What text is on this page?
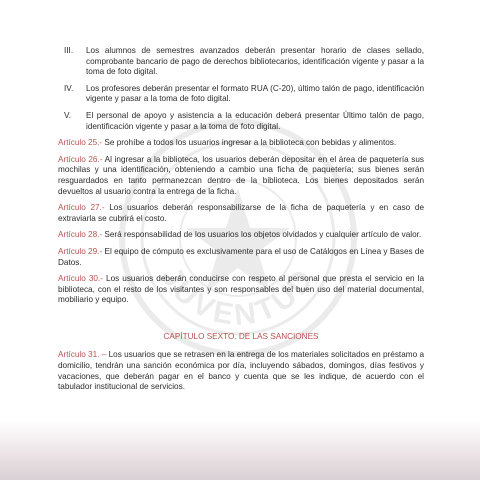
JUVENTUD
III.	Los alumnos de semestres avanzados deberán presentar horario de clases sellado, comprobante bancario de pago de derechos bibliotecarios, identificación vigente y pasar a la toma de foto digital.
IV.	Los profesores deberán presentar el formato RUA (C-20), último talón de pago, identificación vigente y pasar a la toma de foto digital.
V.	El personal de apoyo y asistencia a la educación deberá presentar Último talón de pago, identificación vigente y pasar a la toma de foto digital.

Artículo 25.- Se prohíbe a todos los usuarios ingresar a la biblioteca con bebidas y alimentos.

Artículo 26.- Al ingresar a la biblioteca, los usuarios deberán depositar en el área de paquetería sus mochilas y una identificación, obteniendo a cambio una ficha de paquetería; sus bienes serán resguardados en tanto permanezcan dentro de la biblioteca. Los bienes depositados serán devueltos al usuario contra la entrega de la ficha.

Artículo 27.- Los usuarios deberán responsabilizarse de la ficha de paquetería y en caso de extraviarla se cubrirá el costo.

Artículo 28.- Será responsabilidad de los usuarios los objetos olvidados y cualquier artículo de valor.

Artículo 29.- El equipo de cómputo es exclusivamente para el uso de Catálogos en Línea y Bases de Datos.

Artículo 30.- Los usuarios deberán conducirse con respeto al personal que presta el servicio en la biblioteca, con el resto de los visitantes y son responsables del buen uso del material documental, mobiliario y equipo.

CAPÍTULO SEXTO. DE LAS SANCIONES

Artículo 31. – Los usuarios que se retrasen en la entrega de los materiales solicitados en préstamo a domicilio, tendrán una sanción económica por día, incluyendo sábados, domingos, días festivos y vacaciones, que deberán pagar en el banco y cuenta que se les indique, de acuerdo con el tabulador institucional de servicios.
